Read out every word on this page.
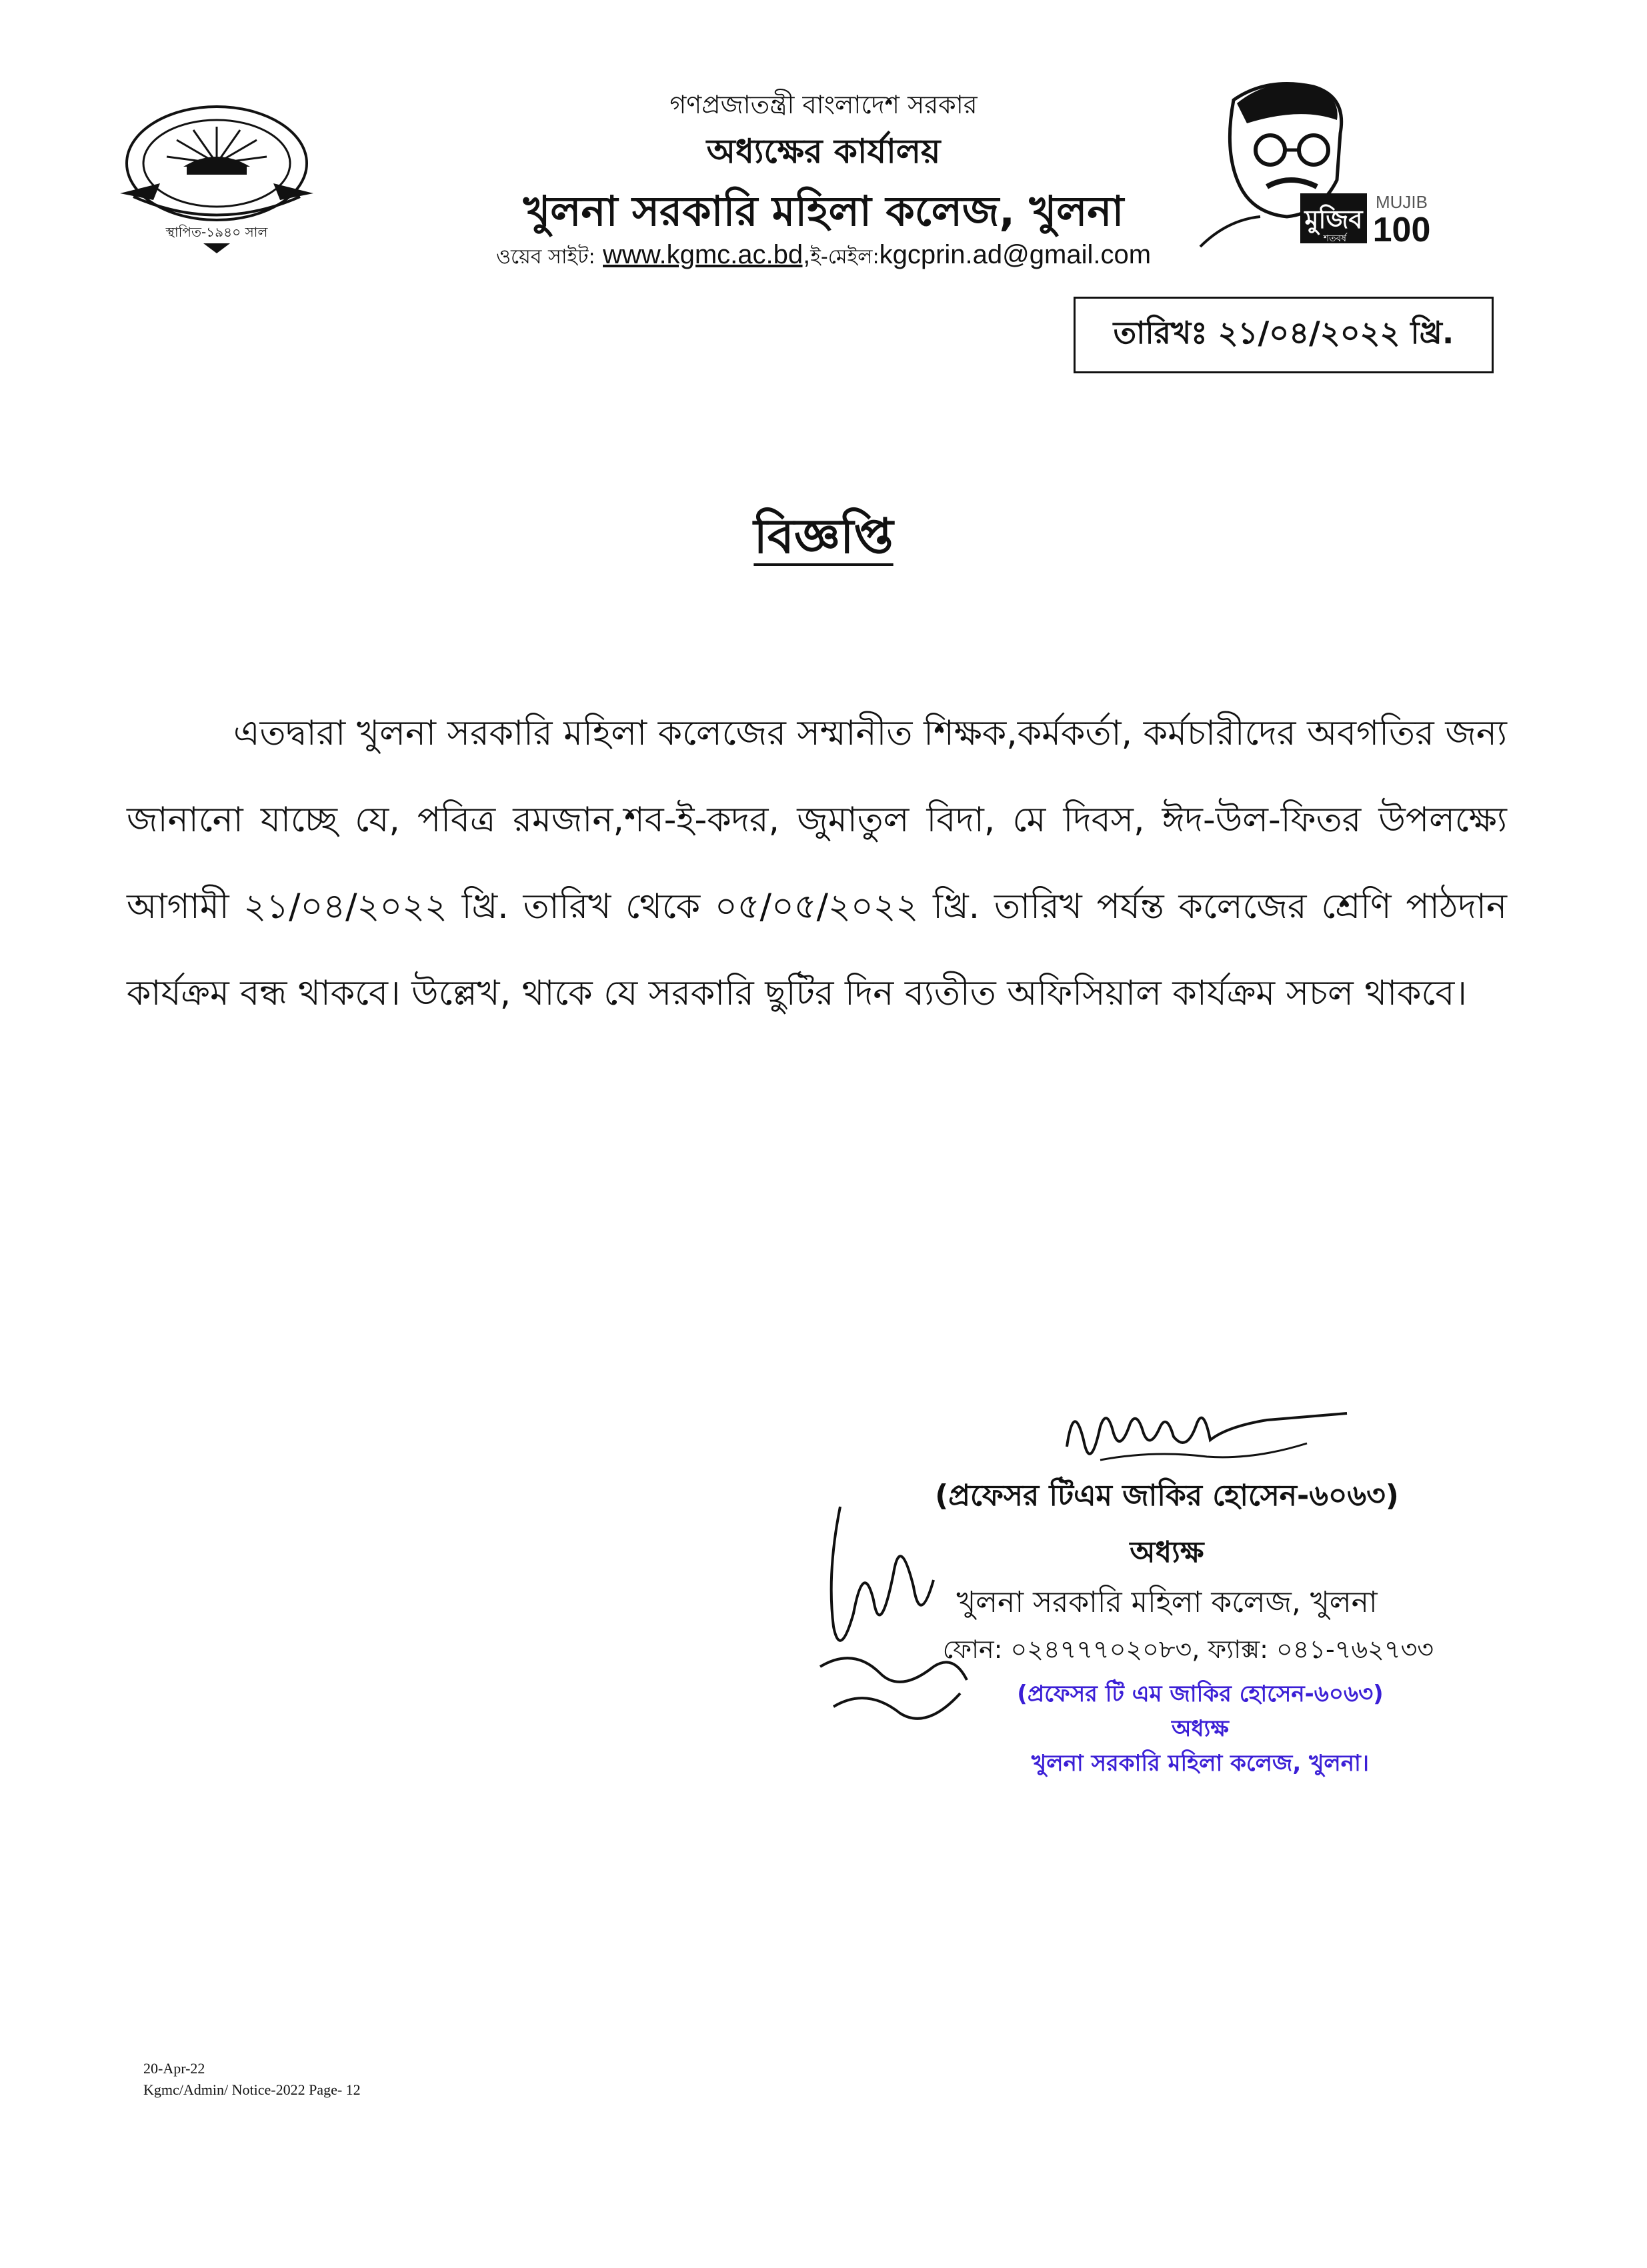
স্থাপিত-১৯৪০ সাল
গণপ্রজাতন্ত্রী বাংলাদেশ সরকার
অধ্যক্ষের কার্যালয়
খুলনা সরকারি মহিলা কলেজ, খুলনা
ওয়েব সাইট: www.kgmc.ac.bd,ই-মেইল:kgcprin.ad@gmail.com
মুজিব
শতবর্ষ
MUJIB
100
তারিখঃ ২১/০৪/২০২২ খ্রি.
বিজ্ঞপ্তি
এতদ্বারা খুলনা সরকারি মহিলা কলেজের সম্মানীত শিক্ষক,কর্মকর্তা, কর্মচারীদের অবগতির জন্য জানানো যাচ্ছে যে, পবিত্র রমজান,শব-ই-কদর, জুমাতুল বিদা, মে দিবস, ঈদ-উল-ফিতর উপলক্ষ্যে আগামী ২১/০৪/২০২২ খ্রি. তারিখ থেকে ০৫/০৫/২০২২ খ্রি. তারিখ পর্যন্ত কলেজের শ্রেণি পাঠদান কার্যক্রম বন্ধ থাকবে। উল্লেখ, থাকে যে সরকারি ছুটির দিন ব্যতীত অফিসিয়াল কার্যক্রম সচল থাকবে।
(প্রফেসর টিএম জাকির হোসেন-৬০৬৩)
অধ্যক্ষ
খুলনা সরকারি মহিলা কলেজ, খুলনা
ফোন: ০২৪৭৭৭০২০৮৩, ফ্যাক্স: ০৪১-৭৬২৭৩৩
(প্রফেসর টি এম জাকির হোসেন-৬০৬৩)
অধ্যক্ষ
খুলনা সরকারি মহিলা কলেজ, খুলনা।
20-Apr-22
Kgmc/Admin/ Notice-2022 Page- 12
